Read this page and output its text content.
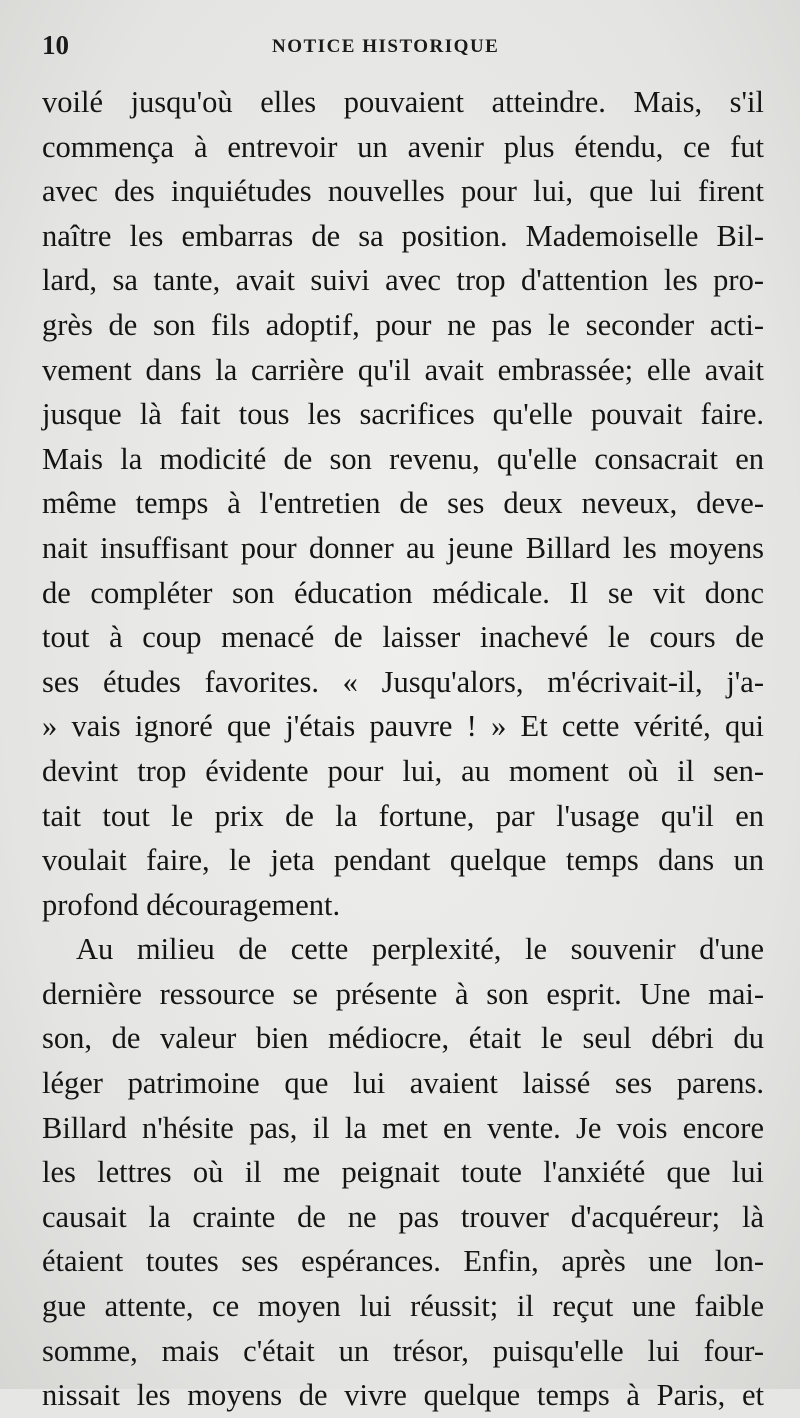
10	NOTICE HISTORIQUE
voilé jusqu'où elles pouvaient atteindre. Mais, s'il
commença à entrevoir un avenir plus étendu, ce fut
avec des inquiétudes nouvelles pour lui, que lui firent
naître les embarras de sa position. Mademoiselle Bil-
lard, sa tante, avait suivi avec trop d'attention les pro-
grès de son fils adoptif, pour ne pas le seconder acti-
vement dans la carrière qu'il avait embrassée; elle avait
jusque là fait tous les sacrifices qu'elle pouvait faire.
Mais la modicité de son revenu, qu'elle consacrait en
même temps à l'entretien de ses deux neveux, deve-
nait insuffisant pour donner au jeune Billard les moyens
de compléter son éducation médicale. Il se vit donc
tout à coup menacé de laisser inachevé le cours de
ses études favorites. « Jusqu'alors, m'écrivait-il, j'a-
» vais ignoré que j'étais pauvre ! » Et cette vérité, qui
devint trop évidente pour lui, au moment où il sen-
tait tout le prix de la fortune, par l'usage qu'il en
voulait faire, le jeta pendant quelque temps dans un
profond découragement.
Au milieu de cette perplexité, le souvenir d'une
dernière ressource se présente à son esprit. Une mai-
son, de valeur bien médiocre, était le seul débri du
léger patrimoine que lui avaient laissé ses parens.
Billard n'hésite pas, il la met en vente. Je vois encore
les lettres où il me peignait toute l'anxiété que lui
causait la crainte de ne pas trouver d'acquéreur; là
étaient toutes ses espérances. Enfin, après une lon-
gue attente, ce moyen lui réussit; il reçut une faible
somme, mais c'était un trésor, puisqu'elle lui four-
nissait les moyens de vivre quelque temps à Paris, et
